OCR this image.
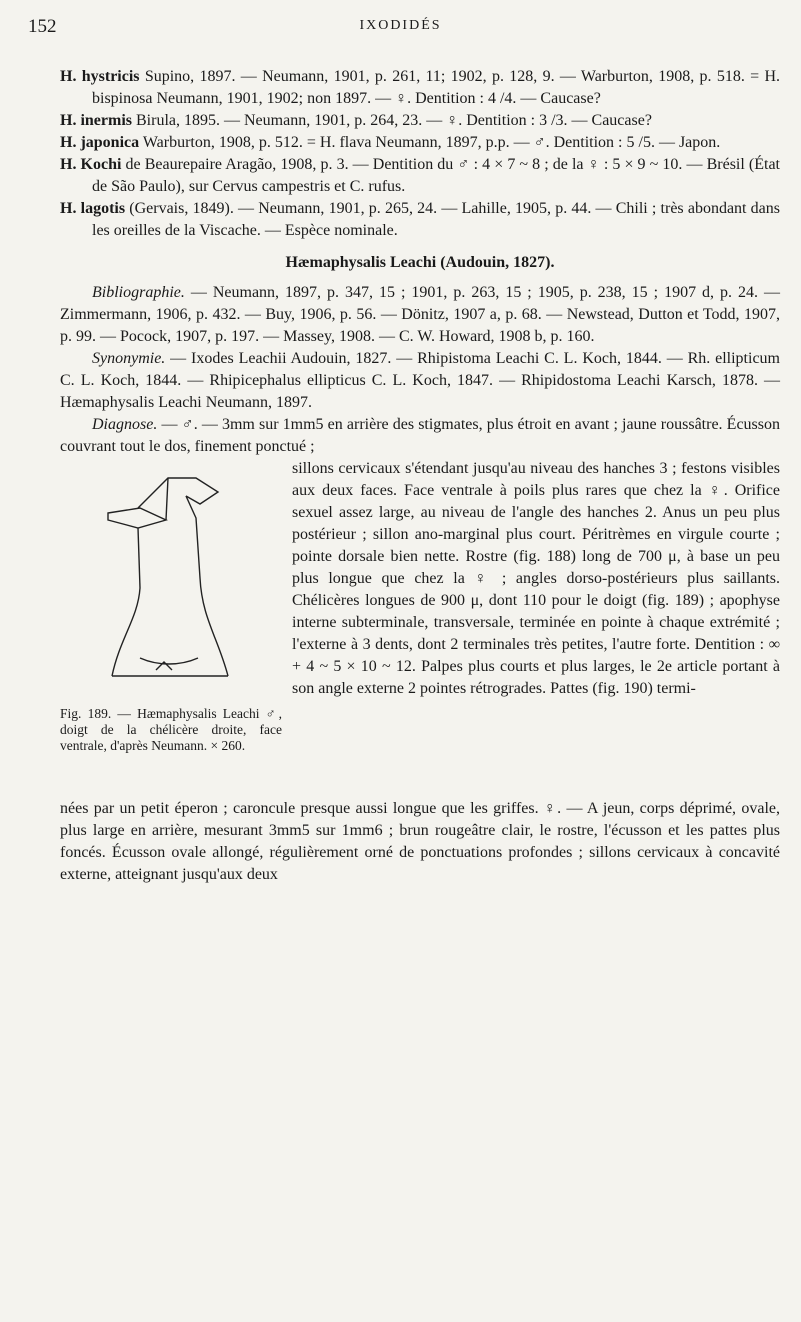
152	IXODIDÉS

H. hystricis Supino, 1897. — Neumann, 1901, p. 261, 11; 1902, p. 128, 9. — Warburton, 1908, p. 518. = H. bispinosa Neumann, 1901, 1902; non 1897. — ♀. Dentition : 4 /4. — Caucase?

H. inermis Birula, 1895. — Neumann, 1901, p. 264, 23. — ♀. Dentition : 3 /3. — Caucase?

H. japonica Warburton, 1908, p. 512. = H. flava Neumann, 1897, p.p. — ♂. Dentition : 5 /5. — Japon.

H. Kochi de Beaurepaire Aragão, 1908, p. 3. — Dentition du ♂ : 4 × 7 ~ 8 ; de la ♀ : 5 × 9 ~ 10. — Brésil (État de São Paulo), sur Cervus campestris et C. rufus.

H. lagotis (Gervais, 1849). — Neumann, 1901, p. 265, 24. — Lahille, 1905, p. 44. — Chili ; très abondant dans les oreilles de la Viscache. — Espèce nominale.

Hæmaphysalis Leachi (Audouin, 1827).

Bibliographie. — Neumann, 1897, p. 347, 15 ; 1901, p. 263, 15 ; 1905, p. 238, 15 ; 1907 d, p. 24. — Zimmermann, 1906, p. 432. — Buy, 1906, p. 56. — Dönitz, 1907 a, p. 68. — Newstead, Dutton et Todd, 1907, p. 99. — Pocock, 1907, p. 197. — Massey, 1908. — C. W. Howard, 1908 b, p. 160.

Synonymie. — Ixodes Leachii Audouin, 1827. — Rhipistoma Leachi C. L. Koch, 1844. — Rh. ellipticum C. L. Koch, 1844. — Rhipicephalus ellipticus C. L. Koch, 1847. — Rhipidostoma Leachi Karsch, 1878. — Hæmaphysalis Leachi Neumann, 1897.

Diagnose. — ♂. — 3mm sur 1mm5 en arrière des stigmates, plus étroit en avant ; jaune roussâtre. Écusson couvrant tout le dos, finement ponctué ;

Fig. 189. — Hæmaphysalis Leachi ♂, doigt de la chélicère droite, face ventrale, d'après Neumann. × 260.

sillons cervicaux s'étendant jusqu'au niveau des hanches 3 ; festons visibles aux deux faces. Face ventrale à poils plus rares que chez la ♀. Orifice sexuel assez large, au niveau de l'angle des hanches 2. Anus un peu plus postérieur ; sillon ano-marginal plus court. Péritrèmes en virgule courte ; pointe dorsale bien nette. Rostre (fig. 188) long de 700 μ, à base un peu plus longue que chez la ♀ ; angles dorso-postérieurs plus saillants. Chélicères longues de 900 μ, dont 110 pour le doigt (fig. 189) ; apophyse interne subterminale, transversale, terminée en pointe à chaque extrémité ; l'externe à 3 dents, dont 2 terminales très petites, l'autre forte. Dentition : ∞ + 4 ~ 5 × 10 ~ 12. Palpes plus courts et plus larges, le 2e article portant à son angle externe 2 pointes rétrogrades. Pattes (fig. 190) termi-

nées par un petit éperon ; caroncule presque aussi longue que les griffes. ♀. — A jeun, corps déprimé, ovale, plus large en arrière, mesurant 3mm5 sur 1mm6 ; brun rougeâtre clair, le rostre, l'écusson et les pattes plus foncés. Écusson ovale allongé, régulièrement orné de ponctuations profondes ; sillons cervicaux à concavité externe, atteignant jusqu'aux deux
